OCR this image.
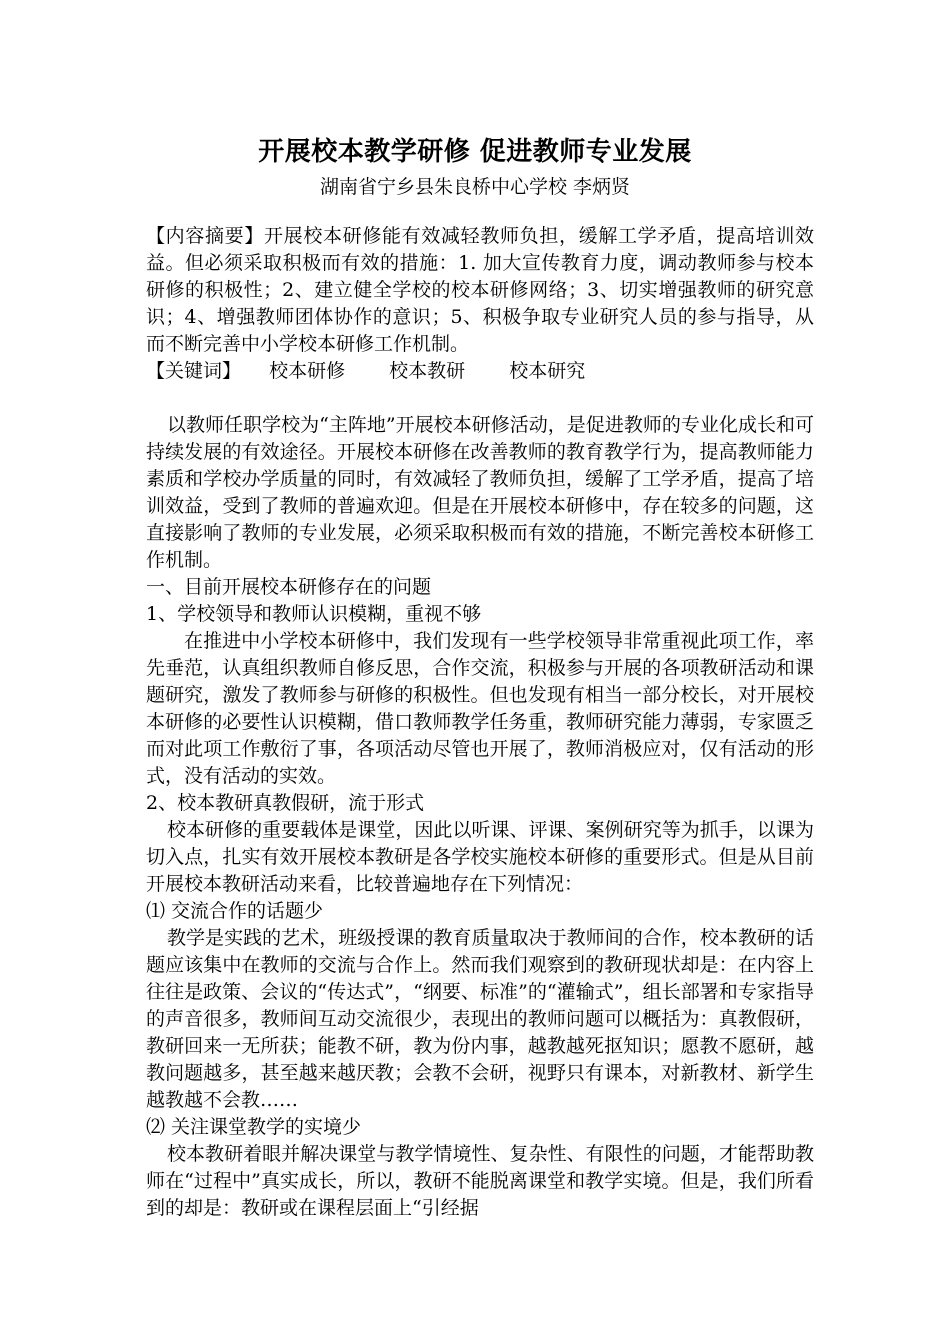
开展校本教学研修 促进教师专业发展
湖南省宁乡县朱良桥中心学校 李炳贤

【内容摘要】开展校本研修能有效减轻教师负担，缓解工学矛盾，提高培训效益。但必须采取积极而有效的措施：1. 加大宣传教育力度，调动教师参与校本研修的积极性；2、建立健全学校的校本研修网络；3、切实增强教师的研究意识；4、增强教师团体协作的意识；5、积极争取专业研究人员的参与指导，从而不断完善中小学校本研修工作机制。

【关键词】 校本研修 校本教研 校本研究

以教师任职学校为“主阵地”开展校本研修活动，是促进教师的专业化成长和可持续发展的有效途径。开展校本研修在改善教师的教育教学行为，提高教师能力素质和学校办学质量的同时，有效减轻了教师负担，缓解了工学矛盾，提高了培训效益，受到了教师的普遍欢迎。但是在开展校本研修中，存在较多的问题，这直接影响了教师的专业发展，必须采取积极而有效的措施，不断完善校本研修工作机制。

一、目前开展校本研修存在的问题

1、学校领导和教师认识模糊，重视不够

在推进中小学校本研修中，我们发现有一些学校领导非常重视此项工作，率先垂范，认真组织教师自修反思，合作交流，积极参与开展的各项教研活动和课题研究，激发了教师参与研修的积极性。但也发现有相当一部分校长，对开展校本研修的必要性认识模糊，借口教师教学任务重，教师研究能力薄弱，专家匮乏而对此项工作敷衍了事，各项活动尽管也开展了，教师消极应对，仅有活动的形式，没有活动的实效。

2、校本教研真教假研，流于形式

校本研修的重要载体是课堂，因此以听课、评课、案例研究等为抓手，以课为切入点，扎实有效开展校本教研是各学校实施校本研修的重要形式。但是从目前开展校本教研活动来看，比较普遍地存在下列情况：

⑴ 交流合作的话题少

教学是实践的艺术，班级授课的教育质量取决于教师间的合作，校本教研的话题应该集中在教师的交流与合作上。然而我们观察到的教研现状却是：在内容上往往是政策、会议的“传达式”，“纲要、标准”的“灌输式”，组长部署和专家指导的声音很多，教师间互动交流很少，表现出的教师问题可以概括为：真教假研，教研回来一无所获；能教不研，教为份内事，越教越死抠知识；愿教不愿研，越教问题越多，甚至越来越厌教；会教不会研，视野只有课本，对新教材、新学生越教越不会教……

⑵ 关注课堂教学的实境少

校本教研着眼并解决课堂与教学情境性、复杂性、有限性的问题，才能帮助教师在“过程中”真实成长，所以，教研不能脱离课堂和教学实境。但是，我们所看到的却是：教研或在课程层面上“引经据
